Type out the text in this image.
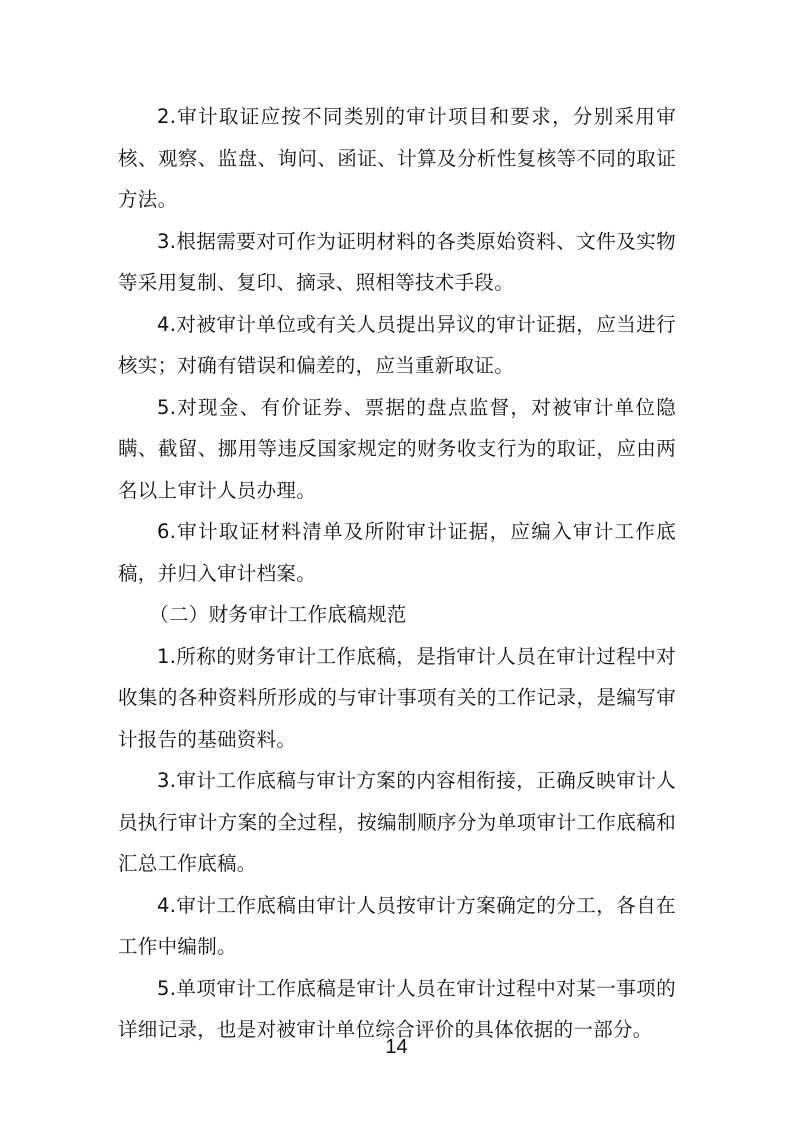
2.审计取证应按不同类别的审计项目和要求，分别采用审核、观察、监盘、询问、函证、计算及分析性复核等不同的取证方法。

3.根据需要对可作为证明材料的各类原始资料、文件及实物等采用复制、复印、摘录、照相等技术手段。

4.对被审计单位或有关人员提出异议的审计证据，应当进行核实；对确有错误和偏差的，应当重新取证。

5.对现金、有价证券、票据的盘点监督，对被审计单位隐瞒、截留、挪用等违反国家规定的财务收支行为的取证，应由两名以上审计人员办理。

6.审计取证材料清单及所附审计证据，应编入审计工作底稿，并归入审计档案。

（二）财务审计工作底稿规范

1.所称的财务审计工作底稿，是指审计人员在审计过程中对收集的各种资料所形成的与审计事项有关的工作记录，是编写审计报告的基础资料。

3.审计工作底稿与审计方案的内容相衔接，正确反映审计人员执行审计方案的全过程，按编制顺序分为单项审计工作底稿和汇总工作底稿。

4.审计工作底稿由审计人员按审计方案确定的分工，各自在工作中编制。

5.单项审计工作底稿是审计人员在审计过程中对某一事项的详细记录，也是对被审计单位综合评价的具体依据的一部分。

14
